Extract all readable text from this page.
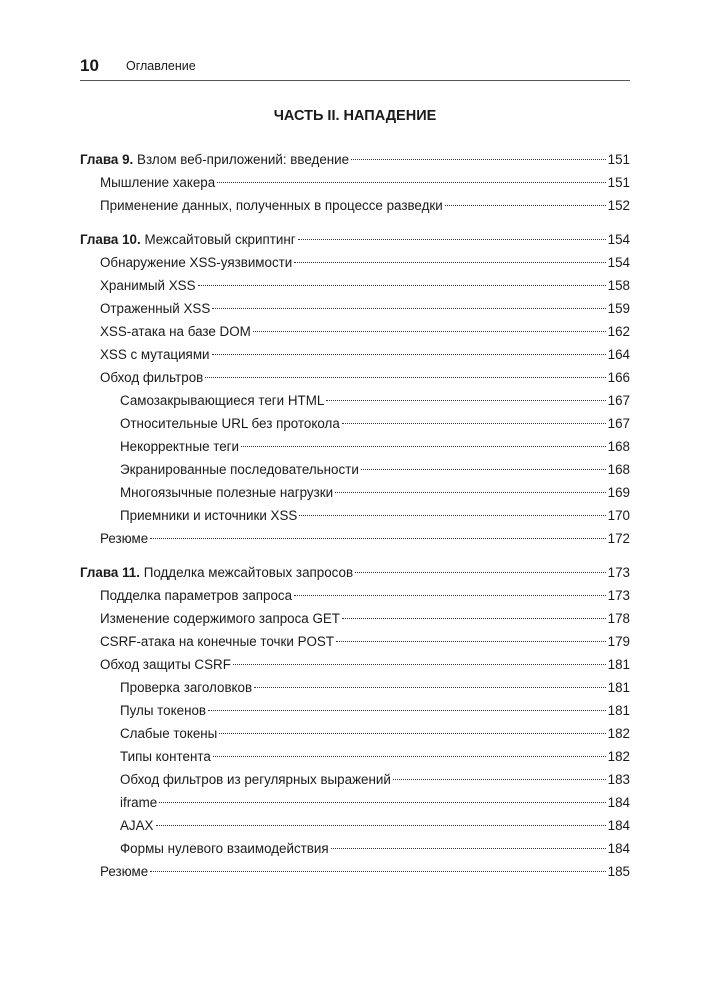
10 Оглавление
ЧАСТЬ II. НАПАДЕНИЕ
Глава 9. Взлом веб-приложений: введение	151
Мышление хакера	151
Применение данных, полученных в процессе разведки	152
Глава 10. Межсайтовый скриптинг	154
Обнаружение XSS-уязвимости	154
Хранимый XSS	158
Отраженный XSS	159
XSS-атака на базе DOM	162
XSS с мутациями	164
Обход фильтров	166
Самозакрывающиеся теги HTML	167
Относительные URL без протокола	167
Некорректные теги	168
Экранированные последовательности	168
Многоязычные полезные нагрузки	169
Приемники и источники XSS	170
Резюме	172
Глава 11. Подделка межсайтовых запросов	173
Подделка параметров запроса	173
Изменение содержимого запроса GET	178
CSRF-атака на конечные точки POST	179
Обход защиты CSRF	181
Проверка заголовков	181
Пулы токенов	181
Слабые токены	182
Типы контента	182
Обход фильтров из регулярных выражений	183
iframe	184
AJAX	184
Формы нулевого взаимодействия	184
Резюме	185
